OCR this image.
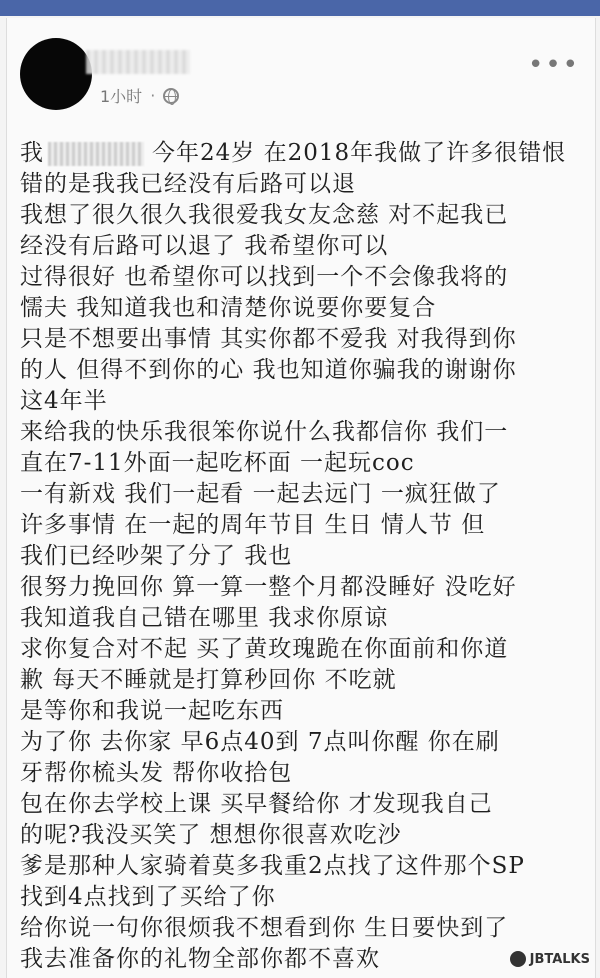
1小时 ·
•••
我	今年24岁 在2018年我做了许多很错恨
错的是我我已经没有后路可以退
我想了很久很久我很爱我女友念慈 对不起我已
经没有后路可以退了 我希望你可以
过得很好 也希望你可以找到一个不会像我将的
懦夫 我知道我也和清楚你说要你要复合
只是不想要出事情 其实你都不爱我 对我得到你
的人 但得不到你的心 我也知道你骗我的谢谢你
这4年半
来给我的快乐我很笨你说什么我都信你 我们一
直在7-11外面一起吃杯面 一起玩coc
一有新戏 我们一起看 一起去远门 一疯狂做了
许多事情 在一起的周年节目 生日 情人节 但
我们已经吵架了分了 我也
很努力挽回你 算一算一整个月都没睡好 没吃好
我知道我自己错在哪里 我求你原谅
求你复合对不起 买了黄玫瑰跪在你面前和你道
歉 每天不睡就是打算秒回你 不吃就
是等你和我说一起吃东西
为了你 去你家 早6点40到 7点叫你醒 你在刷
牙帮你梳头发 帮你收拾包
包在你去学校上课 买早餐给你 才发现我自己
的呢?我没买笑了 想想你很喜欢吃沙
爹是那种人家骑着莫多我重2点找了这件那个SP
找到4点找到了买给了你
给你说一句你很烦我不想看到你 生日要快到了
我去准备你的礼物全部你都不喜欢
	JBTALKS
